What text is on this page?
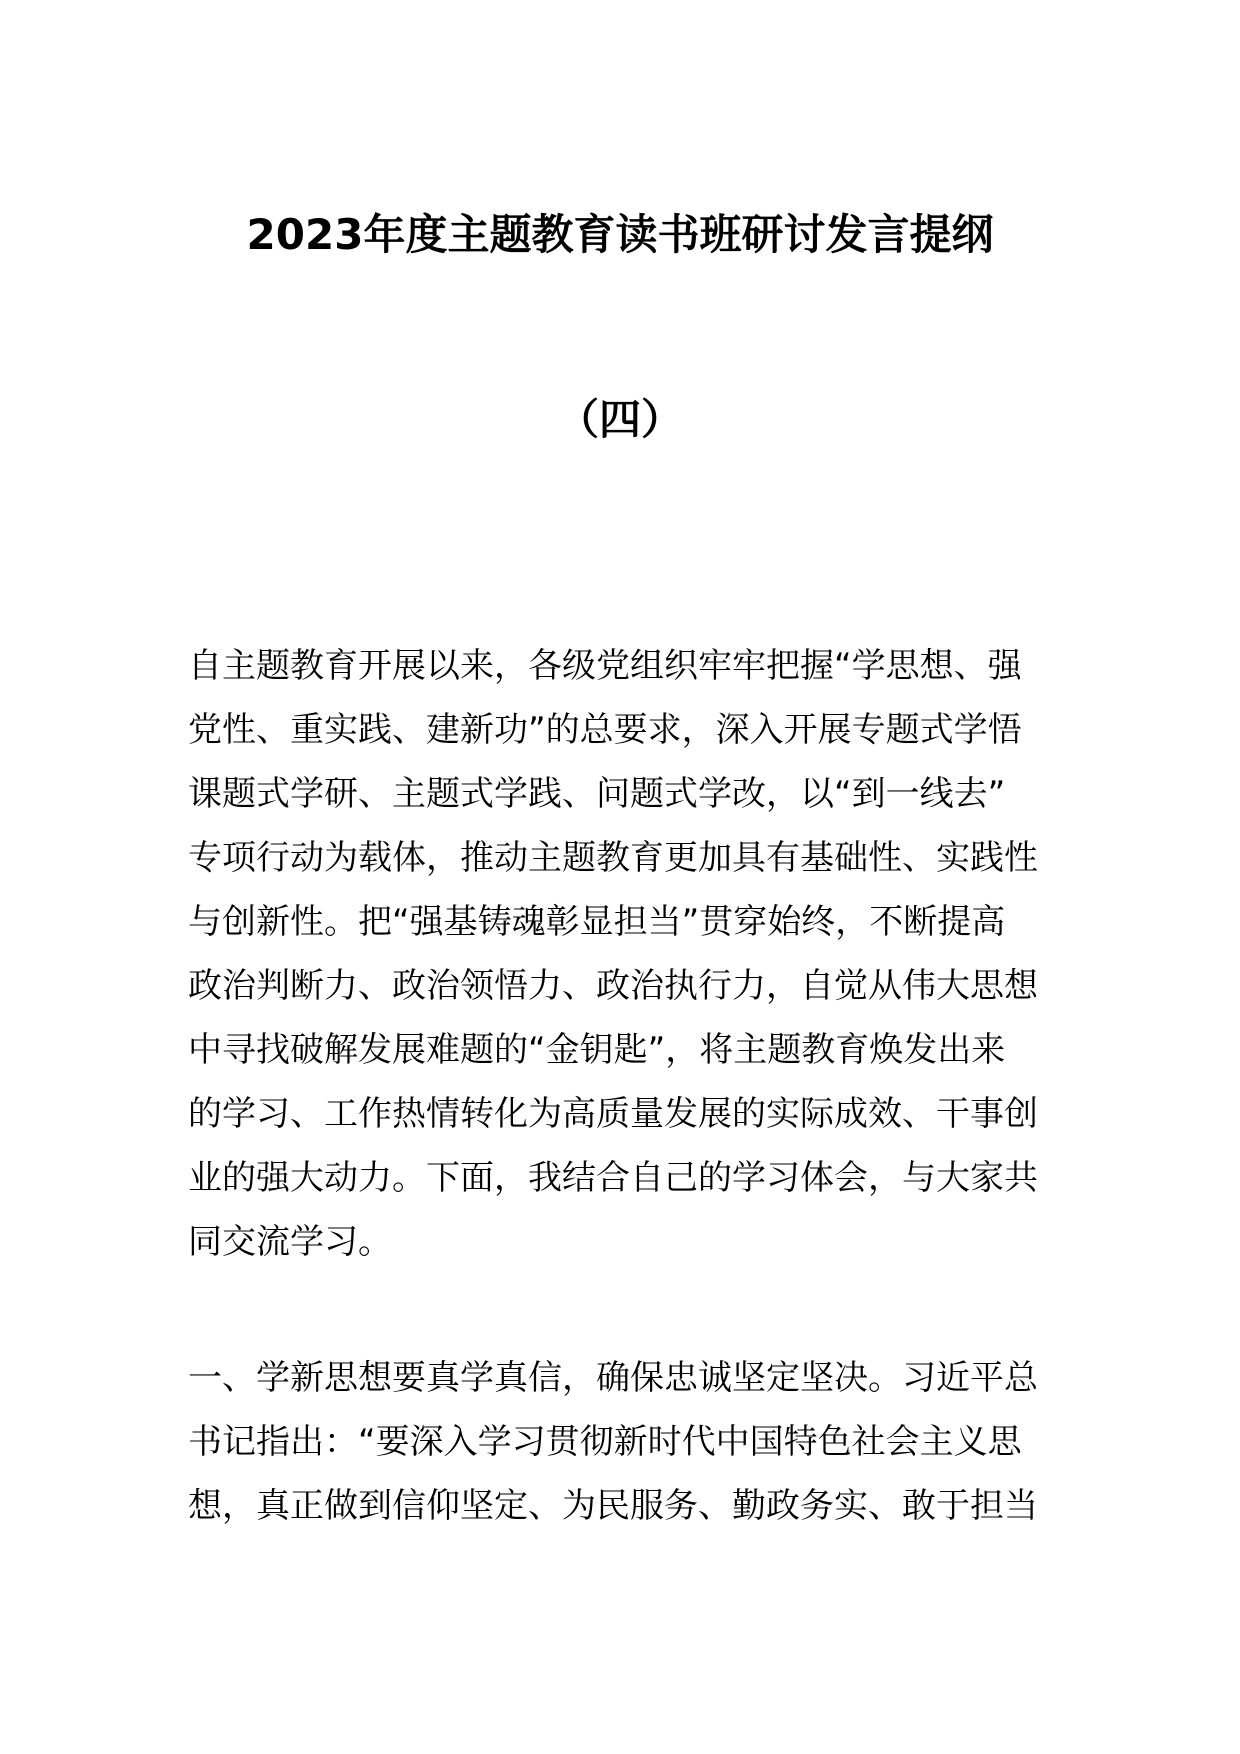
2023年度主题教育读书班研讨发言提纲
（四）
自主题教育开展以来，各级党组织牢牢把握“学思想、强
党性、重实践、建新功”的总要求，深入开展专题式学悟
课题式学研、主题式学践、问题式学改，以“到一线去”
专项行动为载体，推动主题教育更加具有基础性、实践性
与创新性。把“强基铸魂彰显担当”贯穿始终，不断提高
政治判断力、政治领悟力、政治执行力，自觉从伟大思想
中寻找破解发展难题的“金钥匙”，将主题教育焕发出来
的学习、工作热情转化为高质量发展的实际成效、干事创
业的强大动力。下面，我结合自己的学习体会，与大家共
同交流学习。
一、学新思想要真学真信，确保忠诚坚定坚决。习近平总
书记指出：“要深入学习贯彻新时代中国特色社会主义思
想，真正做到信仰坚定、为民服务、勤政务实、敢于担当
